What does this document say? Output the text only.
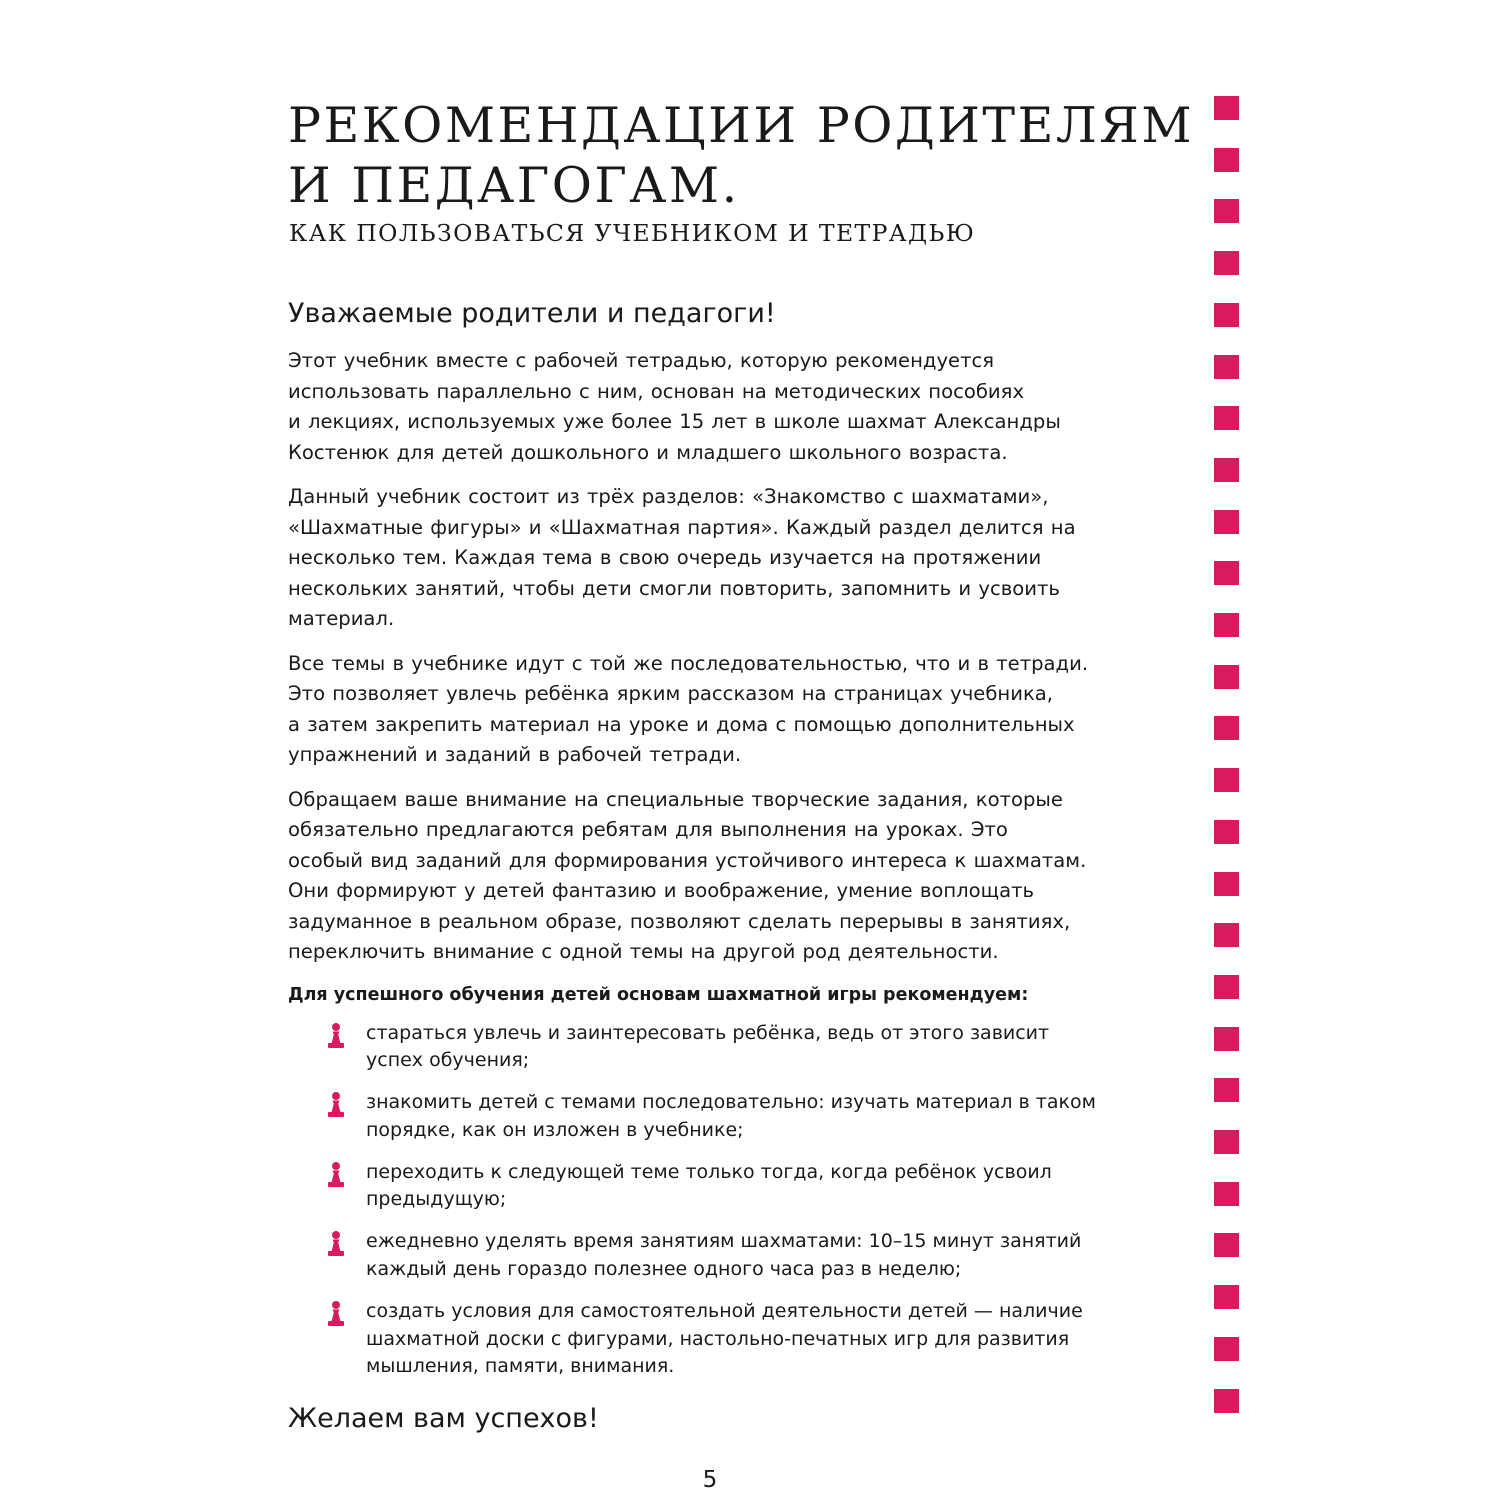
РЕКОМЕНДАЦИИ РОДИТЕЛЯМ
И ПЕДАГОГАМ.
КАК ПОЛЬЗОВАТЬСЯ УЧЕБНИКОМ И ТЕТРАДЬЮ
Уважаемые родители и педагоги!

Этот учебник вместе с рабочей тетрадью, которую рекомендуется
использовать параллельно с ним, основан на методических пособиях
и лекциях, используемых уже более 15 лет в школе шахмат Александры
Костенюк для детей дошкольного и младшего школьного возраста.

Данный учебник состоит из трёх разделов: «Знакомство с шахматами»,
«Шахматные фигуры» и «Шахматная партия». Каждый раздел делится на
несколько тем. Каждая тема в свою очередь изучается на протяжении
нескольких занятий, чтобы дети смогли повторить, запомнить и усвоить
материал.

Все темы в учебнике идут с той же последовательностью, что и в тетради.
Это позволяет увлечь ребёнка ярким рассказом на страницах учебника,
а затем закрепить материал на уроке и дома с помощью дополнительных
упражнений и заданий в рабочей тетради.

Обращаем ваше внимание на специальные творческие задания, которые
обязательно предлагаются ребятам для выполнения на уроках. Это
особый вид заданий для формирования устойчивого интереса к шахматам.
Они формируют у детей фантазию и воображение, умение воплощать
задуманное в реальном образе, позволяют сделать перерывы в занятиях,
переключить внимание с одной темы на другой род деятельности.

Для успешного обучения детей основам шахматной игры рекомендуем:

стараться увлечь и заинтересовать ребёнка, ведь от этого зависит
успех обучения;
знакомить детей с темами последовательно: изучать материал в таком
порядке, как он изложен в учебнике;
переходить к следующей теме только тогда, когда ребёнок усвоил
предыдущую;
ежедневно уделять время занятиям шахматами: 10–15 минут занятий
каждый день гораздо полезнее одного часа раз в неделю;
создать условия для самостоятельной деятельности детей — наличие
шахматной доски с фигурами, настольно-печатных игр для развития
мышления, памяти, внимания.
Желаем вам успехов!

5
